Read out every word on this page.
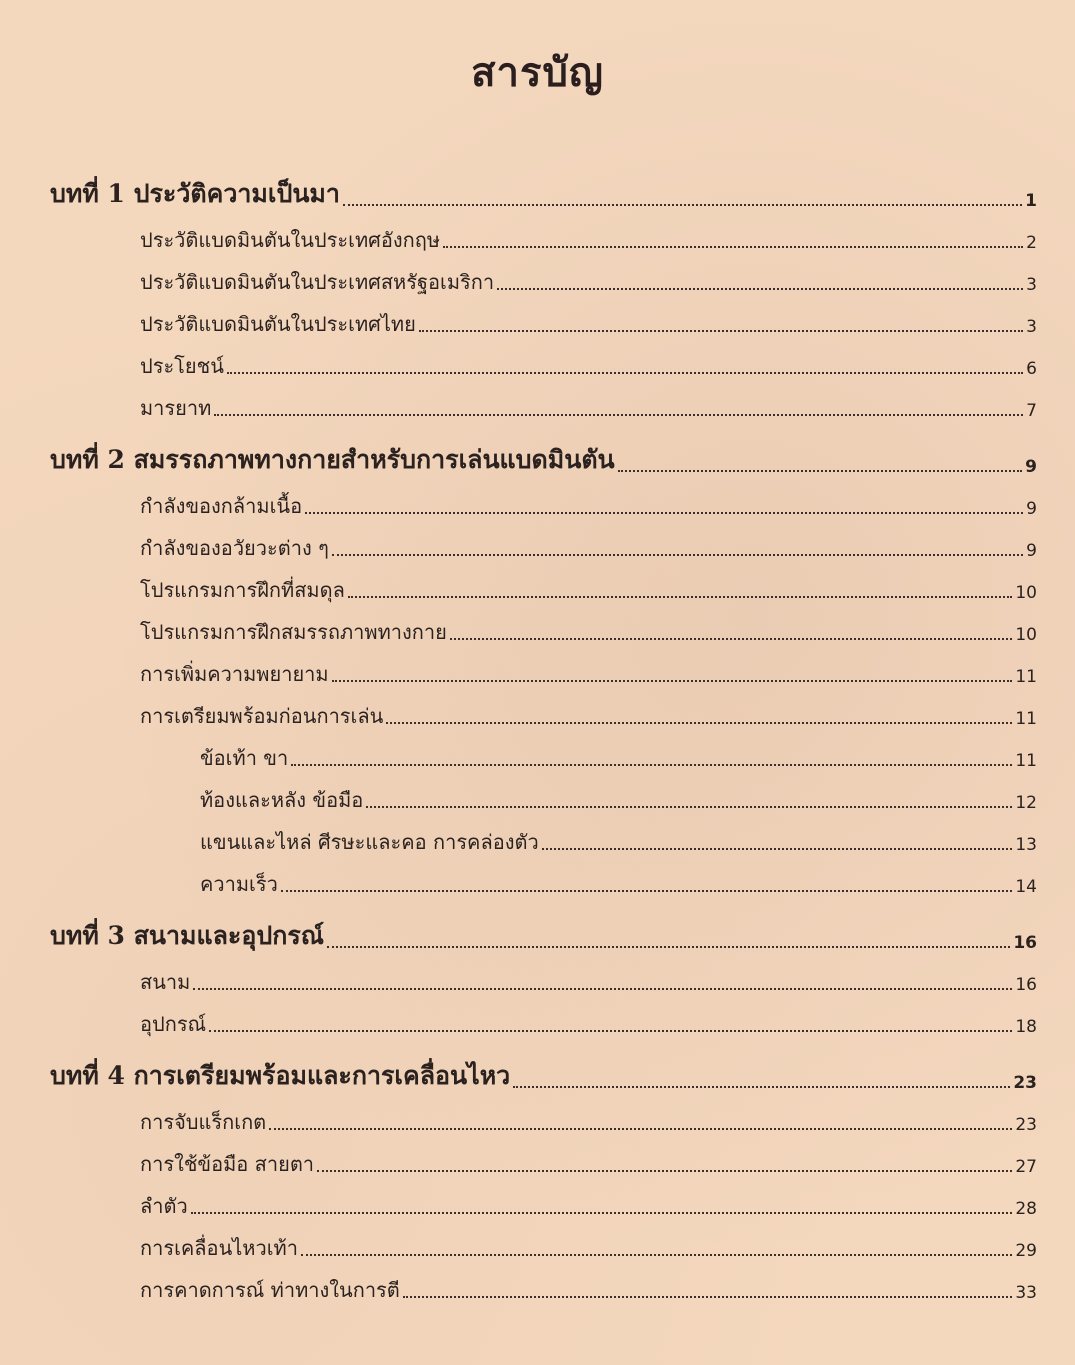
สารบัญ
บทที่ 1 ประวัติความเป็นมา	1
ประวัติแบดมินตันในประเทศอังกฤษ	2
ประวัติแบดมินตันในประเทศสหรัฐอเมริกา	3
ประวัติแบดมินตันในประเทศไทย	3
ประโยชน์	6
มารยาท	7
บทที่ 2 สมรรถภาพทางกายสำหรับการเล่นแบดมินตัน	9
กำลังของกล้ามเนื้อ	9
กำลังของอวัยวะต่าง ๆ	9
โปรแกรมการฝึกที่สมดุล	10
โปรแกรมการฝึกสมรรถภาพทางกาย	10
การเพิ่มความพยายาม	11
การเตรียมพร้อมก่อนการเล่น	11
ข้อเท้า ขา	11
ท้องและหลัง ข้อมือ	12
แขนและไหล่ ศีรษะและคอ การคล่องตัว	13
ความเร็ว	14
บทที่ 3 สนามและอุปกรณ์	16
สนาม	16
อุปกรณ์	18
บทที่ 4 การเตรียมพร้อมและการเคลื่อนไหว	23
การจับแร็กเกต	23
การใช้ข้อมือ สายตา	27
ลำตัว	28
การเคลื่อนไหวเท้า	29
การคาดการณ์ ท่าทางในการตี	33
